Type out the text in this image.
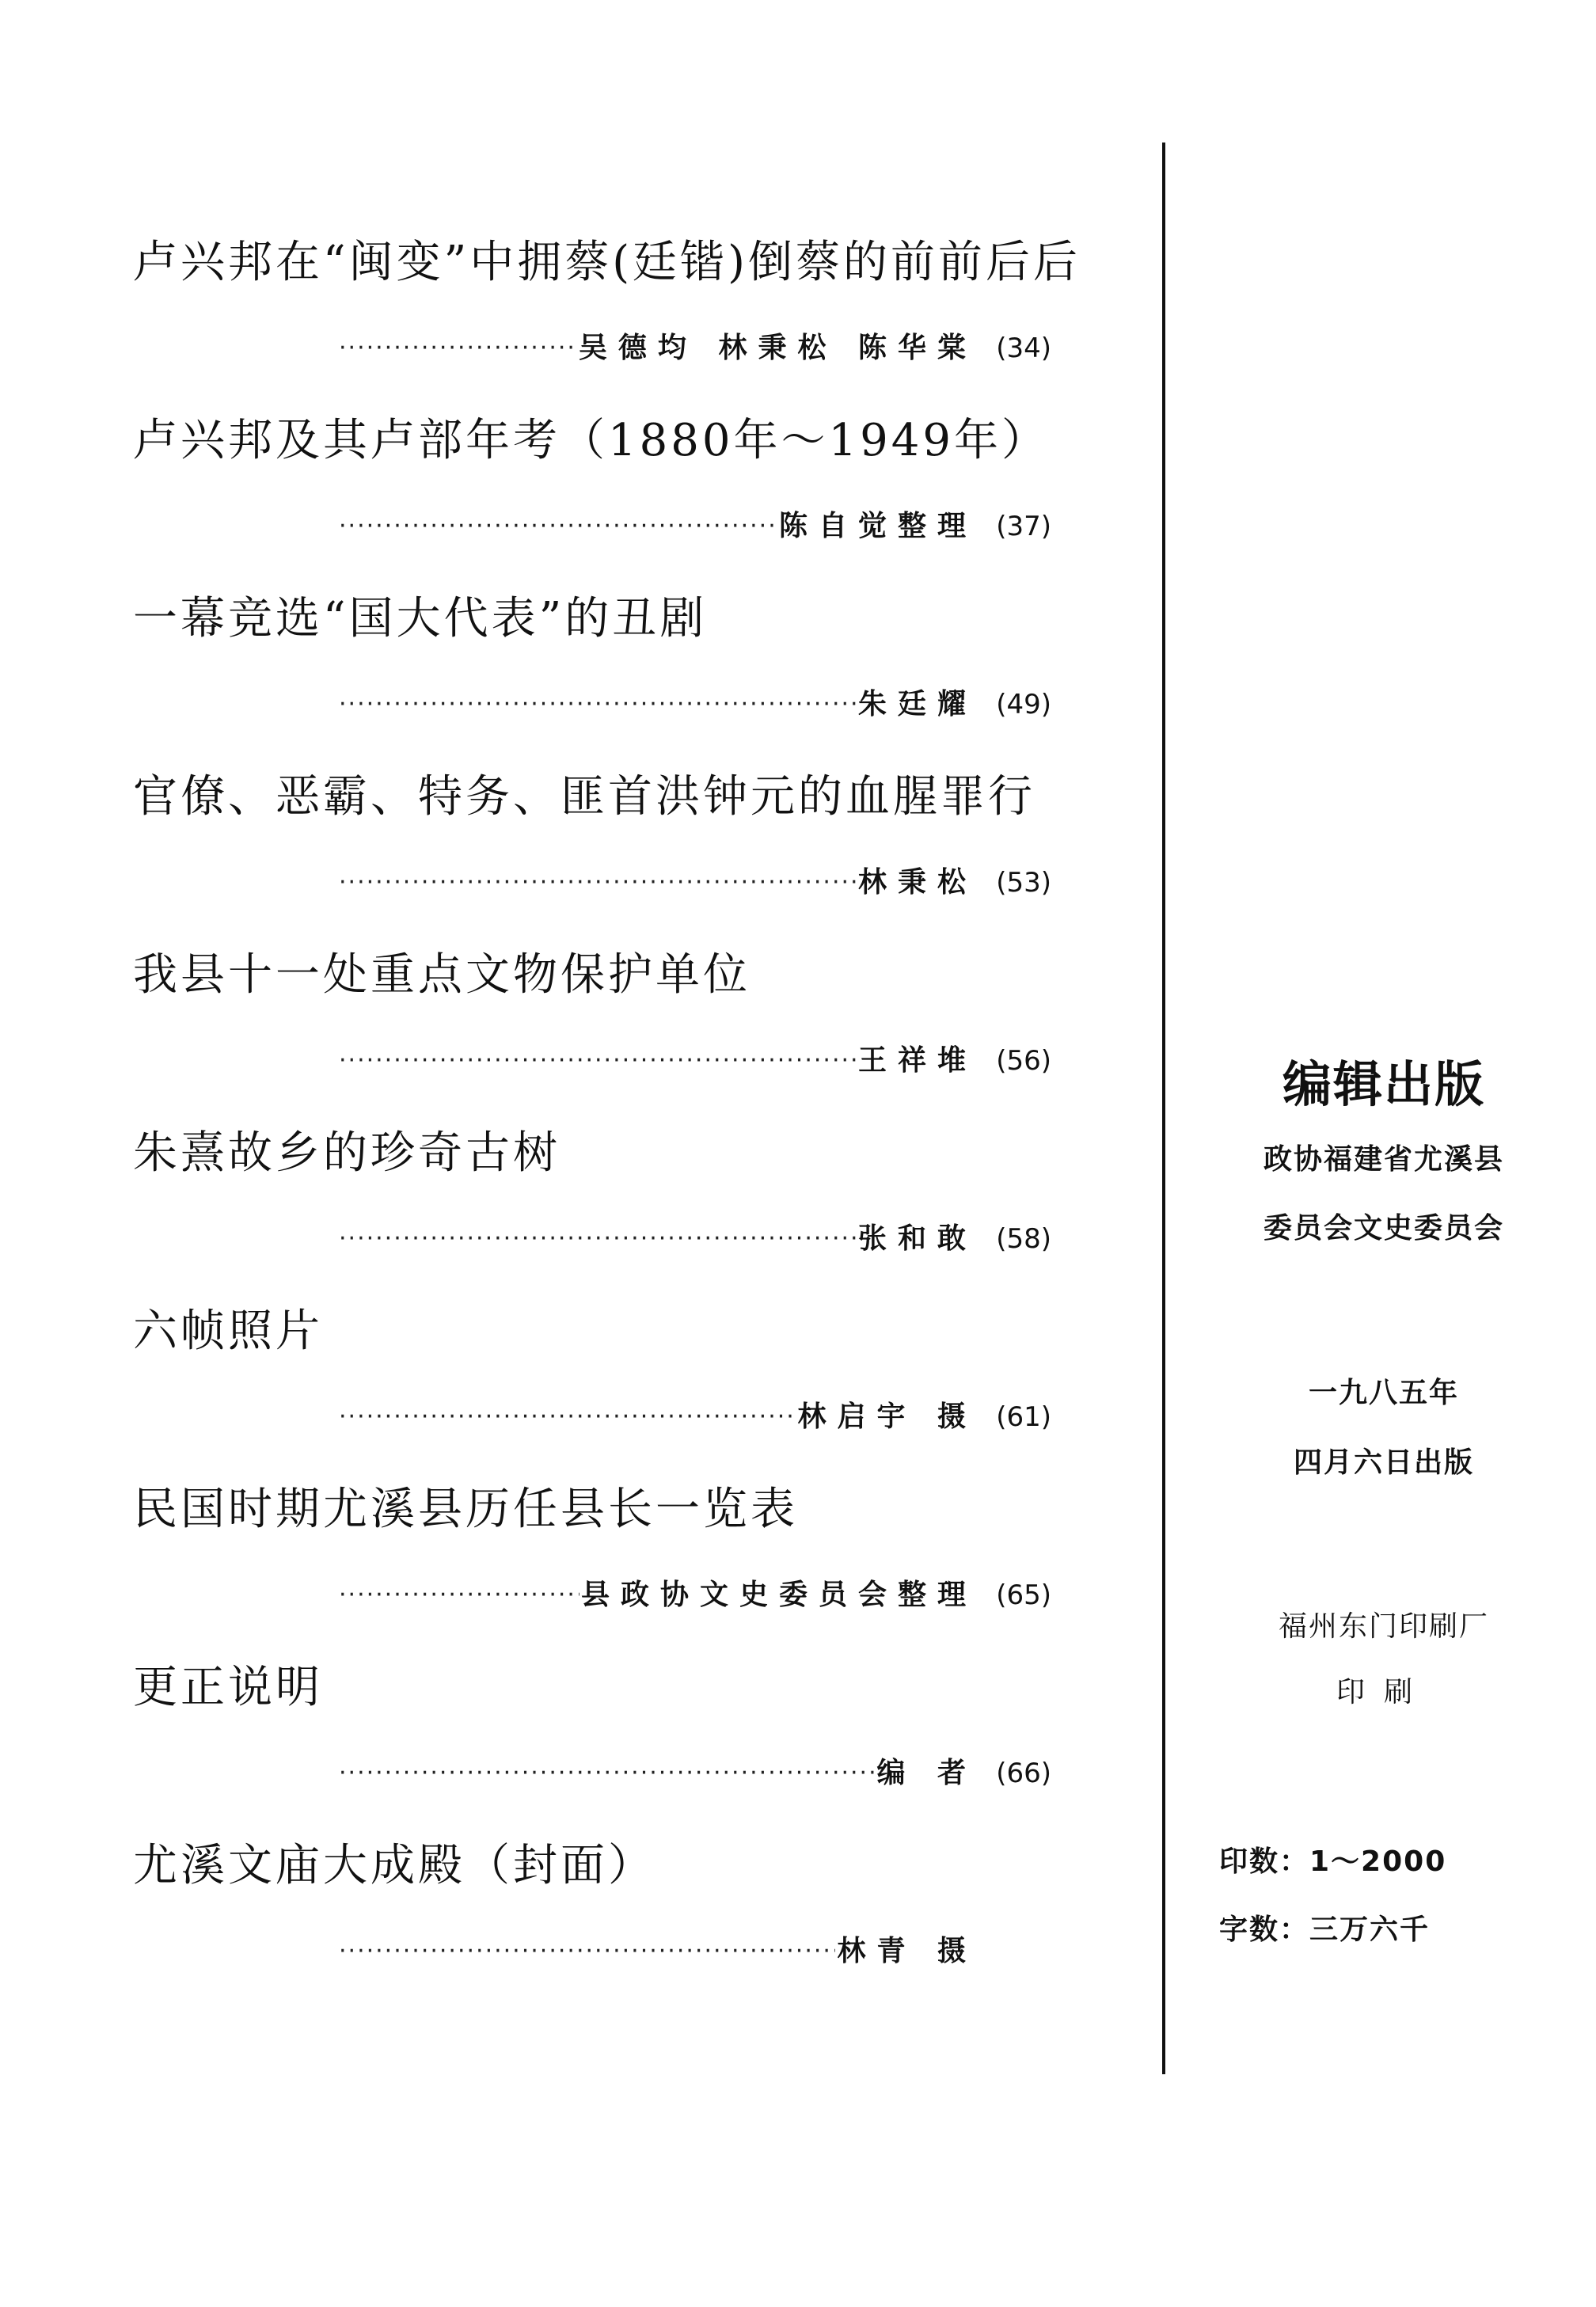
卢兴邦在“闽变”中拥蔡(廷锴)倒蔡的前前后后
·····
吴德均 林秉松 陈华棠 (34)
卢兴邦及其卢部年考（1880年～1949年）
·····
陈自觉整理 (37)
一幕竞选“国大代表”的丑剧
·····
朱廷耀 (49)
官僚、恶霸、特务、匪首洪钟元的血腥罪行
·····
林秉松 (53)
我县十一处重点文物保护单位
·····
王祥堆 (56)
朱熹故乡的珍奇古树
·····
张和敢 (58)
六帧照片
·····
林启宇 摄 (61)
民国时期尤溪县历任县长一览表
·····
县政协文史委员会整理 (65)
更正说明
·····
编 者 (66)
尤溪文庙大成殿（封面）
·····
林青 摄
编辑出版
政协福建省尤溪县
委员会文史委员会
一九八五年
四月六日出版
福州东门印刷厂
印刷
印数：1～2000
字数：三万六千
